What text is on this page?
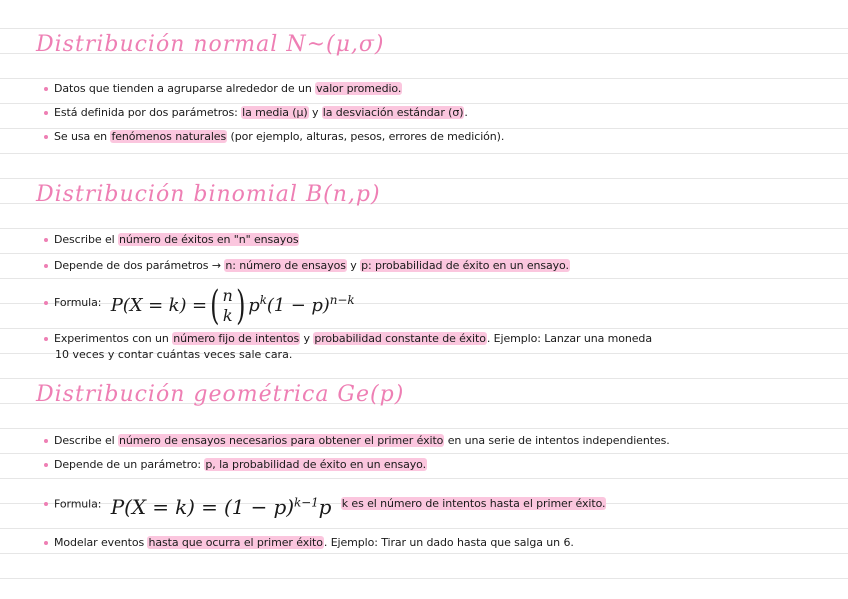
Distribución normal N~(μ,σ)
Datos que tienden a agruparse alrededor de un valor promedio.
Está definida por dos parámetros: la media (μ) y la desviación estándar (σ).
Se usa en fenómenos naturales (por ejemplo, alturas, pesos, errores de medición).
Distribución binomial B(n,p)
Describe el número de éxitos en "n" ensayos
Depende de dos parámetros → n: número de ensayos y p: probabilidad de éxito en un ensayo.
Formula: P(X = k) = ( n
k ) $p^k(1 - p)^{n-k}$
Experimentos con un número fijo de intentos y probabilidad constante de éxito. Ejemplo: Lanzar una moneda
10 veces y contar cuántas veces sale cara.
Distribución geométrica Ge(p)
Describe el número de ensayos necesarios para obtener el primer éxito en una serie de intentos independientes.
Depende de un parámetro: p, la probabilidad de éxito en un ensayo.
Formula: $P(X = k) = (1 - p)^{k-1}p$ k es el número de intentos hasta el primer éxito.
Modelar eventos hasta que ocurra el primer éxito. Ejemplo: Tirar un dado hasta que salga un 6.
